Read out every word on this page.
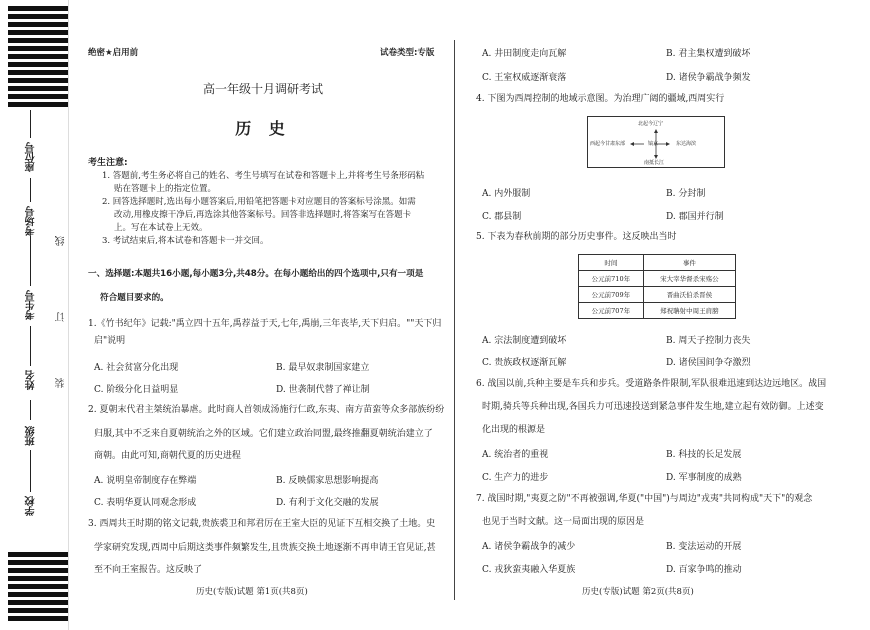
座位号
考场号
考生号
姓名
班级
学校
线
订
装
绝密★启用前	试卷类型:专版
高一年级十月调研考试
历 史
考生注意:
1. 答题前,考生务必将自己的姓名、考生号填写在试卷和答题卡上,并将考生号条形码粘
贴在答题卡上的指定位置。
2. 回答选择题时,选出每小题答案后,用铅笔把答题卡对应题目的答案标号涂黑。如需
改动,用橡皮擦干净后,再选涂其他答案标号。回答非选择题时,将答案写在答题卡
上。写在本试卷上无效。
3. 考试结束后,将本试卷和答题卡一并交回。
一、选择题:本题共16小题,每小题3分,共48分。在每小题给出的四个选项中,只有一项是
符合题目要求的。
1.《竹书纪年》记载:"禹立四十五年,禹荐益于天,七年,禹崩,三年丧毕,天下归启。""天下归
启"说明
A. 社会贫富分化出现	B. 最早奴隶制国家建立
C. 阶级分化日益明显	D. 世袭制代替了禅让制
2. 夏朝末代君主桀统治暴虐。此时商人首领成汤施行仁政,东夷、南方苗蛮等众多部族纷纷
归服,其中不乏来自夏朝统治之外的区域。它们建立政治同盟,最终推翻夏朝统治建立了
商朝。由此可知,商朝代夏的历史进程
A. 说明皇帝制度存在弊端	B. 反映儒家思想影响提高
C. 表明华夏认同观念形成	D. 有利于文化交融的发展
3. 西周共王时期的铭文记载,贵族裘卫和邦君厉在王室大臣的见证下互相交换了土地。史
学家研究发现,西周中后期这类事件频繁发生,且贵族交换土地逐渐不再申请王官见证,甚
至不向王室报告。这反映了
历史(专版)试题 第1页(共8页)
A. 井田制度走向瓦解	B. 君主集权遭到破坏
C. 王室权威逐渐衰落	D. 诸侯争霸战争频发
4. 下图为西周控制的地域示意图。为治理广阔的疆域,西周实行
北起今辽宁
西起今甘肃东部	镐京	东达海滨
南抵长江
A. 内外服制	B. 分封制
C. 郡县制	D. 郡国并行制
5. 下表为春秋前期的部分历史事件。这反映出当时
时间	事件
公元前710年	宋大宰华督杀宋殇公
公元前709年	晋曲沃伯杀晋侯
公元前707年	郑祝聃射中周王肩膀
A. 宗法制度遭到破坏	B. 周天子控制力丧失
C. 贵族政权逐渐瓦解	D. 诸侯国间争夺激烈
6. 战国以前,兵种主要是车兵和步兵。受道路条件限制,军队很难迅速到达边远地区。战国
时期,骑兵等兵种出现,各国兵力可迅速投送到紧急事件发生地,建立起有效防御。上述变
化出现的根源是
A. 统治者的重视	B. 科技的长足发展
C. 生产力的进步	D. 军事制度的成熟
7. 战国时期,"夷夏之防"不再被强调,华夏("中国")与周边"戎夷"共同构成"天下"的观念
也见于当时文献。这一局面出现的原因是
A. 诸侯争霸战争的减少	B. 变法运动的开展
C. 戎狄蛮夷融入华夏族	D. 百家争鸣的推动
历史(专版)试题 第2页(共8页)
